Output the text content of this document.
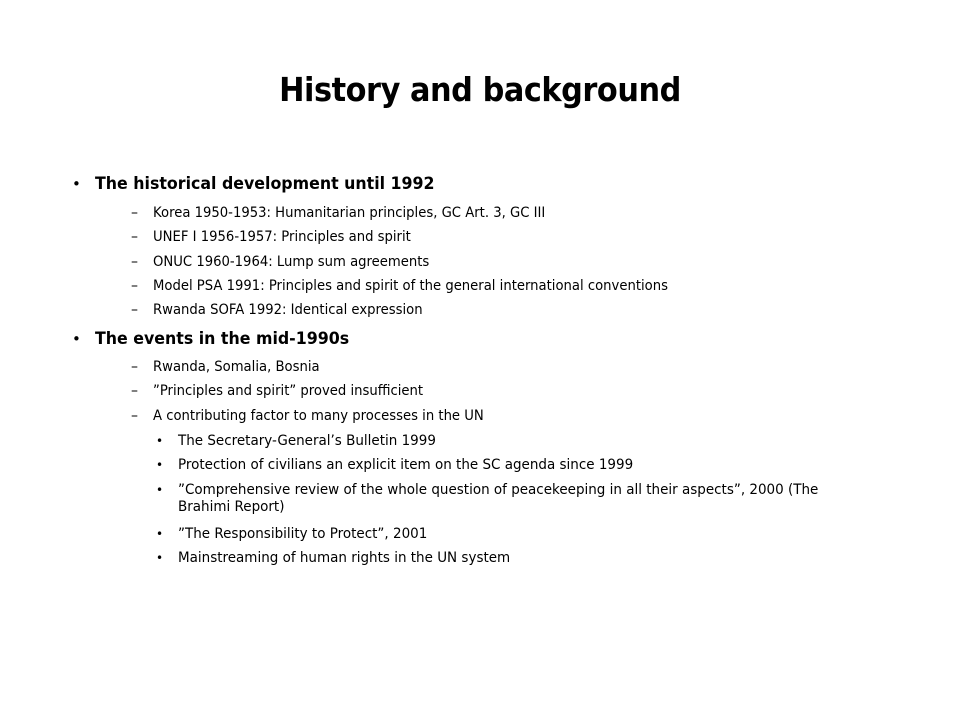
History and background
• The historical development until 1992
– Korea 1950-1953: Humanitarian principles, GC Art. 3, GC III
– UNEF I 1956-1957: Principles and spirit
– ONUC 1960-1964: Lump sum agreements
– Model PSA 1991: Principles and spirit of the general international conventions
– Rwanda SOFA 1992: Identical expression
• The events in the mid-1990s
– Rwanda, Somalia, Bosnia
– ”Principles and spirit” proved insufficient
– A contributing factor to many processes in the UN
• The Secretary-General’s Bulletin 1999
• Protection of civilians an explicit item on the SC agenda since 1999
• ”Comprehensive review of the whole question of peacekeeping in all their aspects”, 2000 (The
Brahimi Report)
• ”The Responsibility to Protect”, 2001
• Mainstreaming of human rights in the UN system
